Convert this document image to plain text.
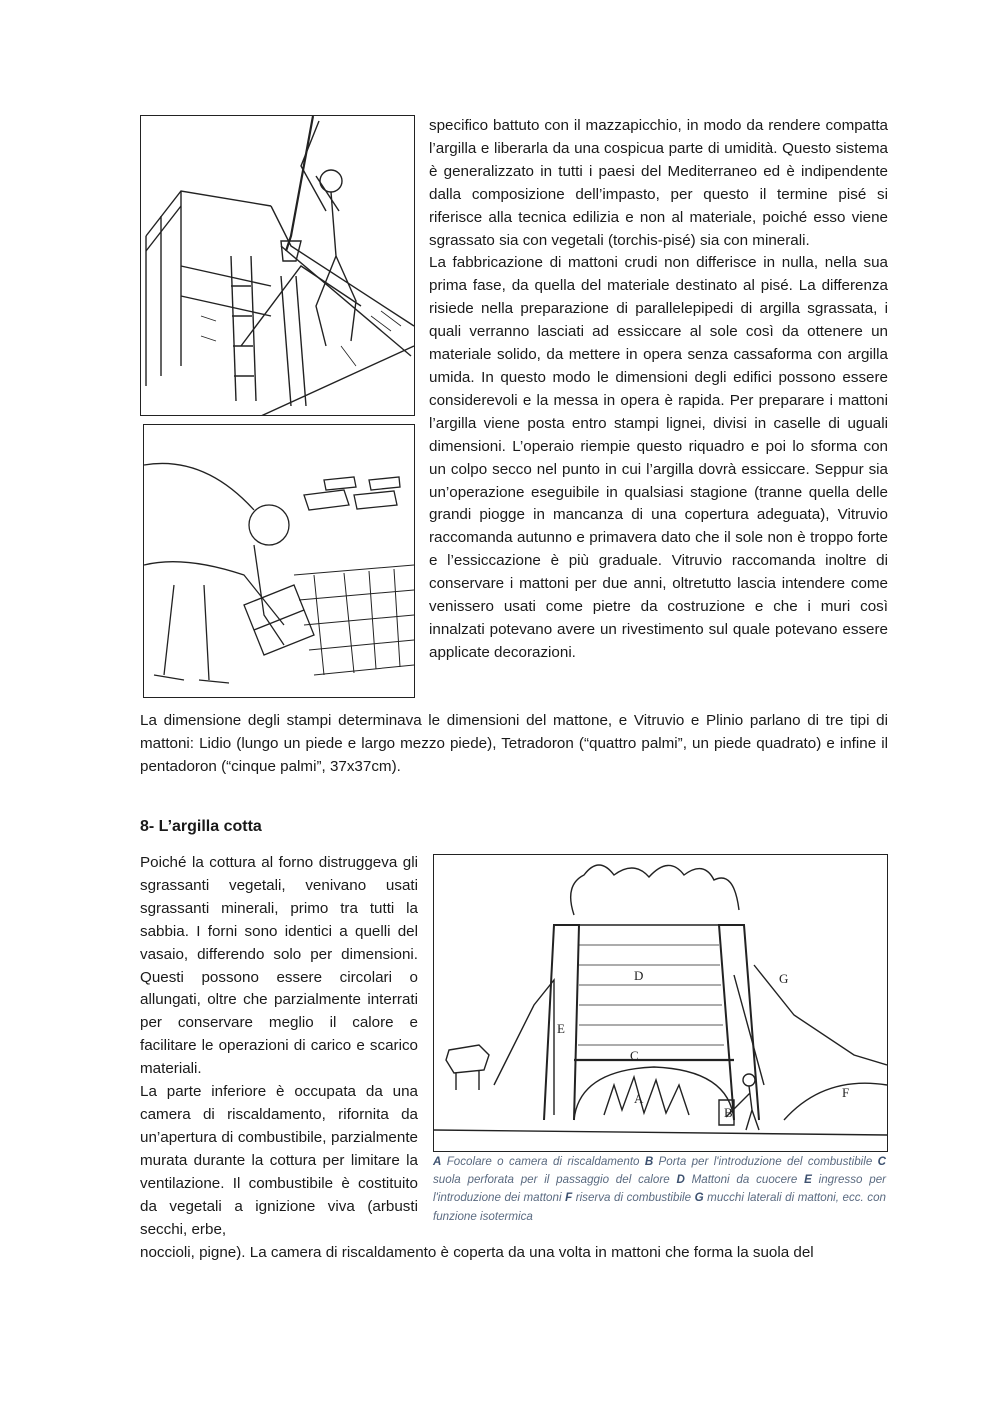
specifico battuto con il mazzapicchio, in modo da rendere compatta l’argilla e liberarla da una cospicua parte di umidità. Questo sistema è generalizzato in tutti i paesi del Mediterraneo ed è indipendente dalla composizione dell’impasto, per questo il termine pisé si riferisce alla tecnica edilizia e non al materiale, poiché esso viene sgrassato sia con vegetali (torchis-pisé) sia con minerali.

La fabbricazione di mattoni crudi non differisce in nulla, nella sua prima fase, da quella del materiale destinato al pisé. La differenza risiede nella preparazione di parallelepipedi di argilla sgrassata, i quali verranno lasciati ad essiccare al sole così da ottenere un materiale solido, da mettere in opera senza cassaforma con argilla umida. In questo modo le dimensioni degli edifici possono essere considerevoli e la messa in opera è rapida. Per preparare i mattoni l’argilla viene posta entro stampi lignei, divisi in caselle di uguali dimensioni. L’operaio riempie questo riquadro e poi lo sforma con un colpo secco nel punto in cui l’argilla dovrà essiccare. Seppur sia un’operazione eseguibile in qualsiasi stagione (tranne quella delle grandi piogge in mancanza di una copertura adeguata), Vitruvio raccomanda autunno e primavera dato che il sole non è troppo forte e l’essiccazione è più graduale. Vitruvio raccomanda inoltre di conservare i mattoni per due anni, oltretutto lascia intendere come venissero usati come pietre da costruzione e che i muri così innalzati potevano avere un rivestimento sul quale potevano essere applicate decorazioni.

La dimensione degli stampi determinava le dimensioni del mattone, e Vitruvio e Plinio parlano di tre tipi di mattoni: Lidio (lungo un piede e largo mezzo piede), Tetradoron (“quattro palmi”, un piede quadrato) e infine il pentadoron (“cinque palmi”, 37x37cm).

8- L’argilla cotta

Poiché la cottura al forno distruggeva gli sgrassanti vegetali, venivano usati sgrassanti minerali, primo tra tutti la sabbia. I forni sono identici a quelli del vasaio, differendo solo per dimensioni. Questi possono essere circolari o allungati, oltre che parzialmente interrati per conservare meglio il calore e facilitare le operazioni di carico e scarico materiali.

La parte inferiore è occupata da una camera di riscaldamento, rifornita da un’apertura di combustibile, parzialmente murata durante la cottura per limitare la ventilazione. Il combustibile è costituito da vegetali a ignizione viva (arbusti secchi, erbe,

A
B
C
D
E
F
G

A Focolare o camera di riscaldamento B Porta per l'introduzione del combustibile C suola perforata per il passaggio del calore D Mattoni da cuocere E ingresso per l'introduzione dei mattoni F riserva di combustibile G mucchi laterali di mattoni, ecc. con funzione isotermica

noccioli, pigne). La camera di riscaldamento è coperta da una volta in mattoni che forma la suola del
